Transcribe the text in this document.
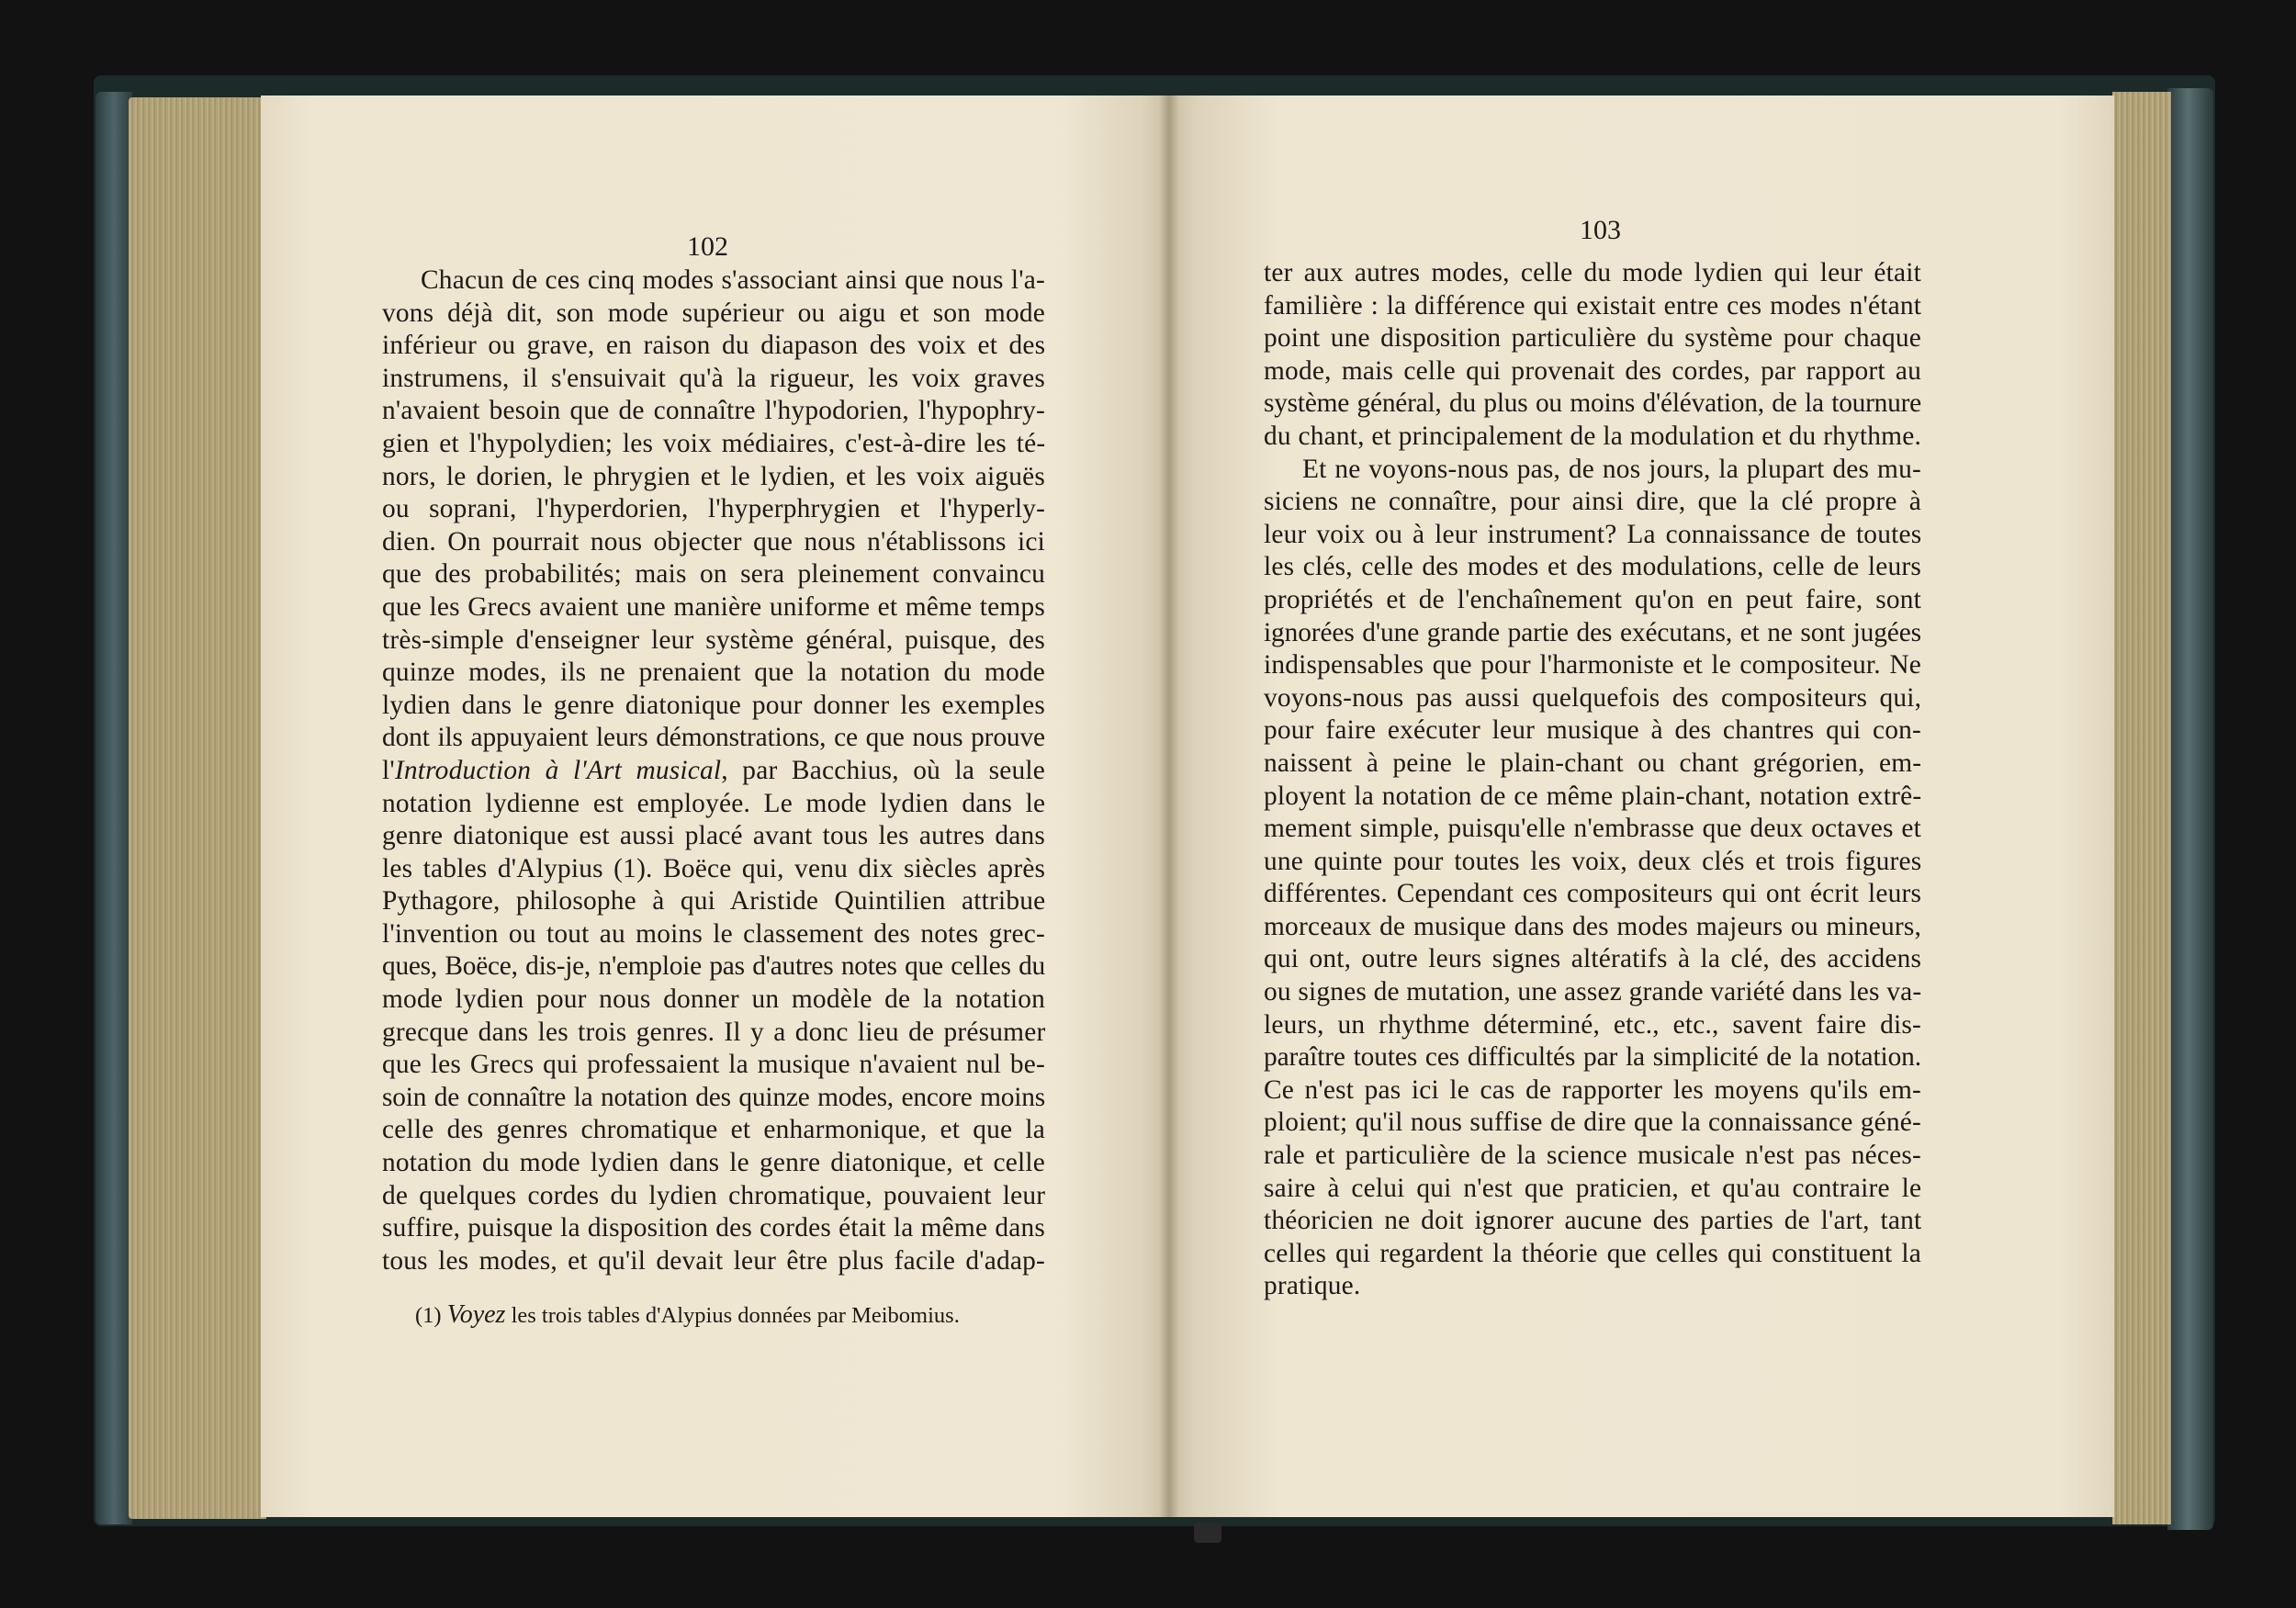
102
103
Chacun de ces cinq modes s'associant ainsi que nous l'a-
vons déjà dit, son mode supérieur ou aigu et son mode
inférieur ou grave, en raison du diapason des voix et des
instrumens, il s'ensuivait qu'à la rigueur, les voix graves
n'avaient besoin que de connaître l'hypodorien, l'hypophry-
gien et l'hypolydien; les voix médiaires, c'est-à-dire les té-
nors, le dorien, le phrygien et le lydien, et les voix aiguës
ou soprani, l'hyperdorien, l'hyperphrygien et l'hyperly-
dien. On pourrait nous objecter que nous n'établissons ici
que des probabilités; mais on sera pleinement convaincu
que les Grecs avaient une manière uniforme et même temps
très-simple d'enseigner leur système général, puisque, des
quinze modes, ils ne prenaient que la notation du mode
lydien dans le genre diatonique pour donner les exemples
dont ils appuyaient leurs démonstrations, ce que nous prouve
l'Introduction à l'Art musical, par Bacchius, où la seule
notation lydienne est employée. Le mode lydien dans le
genre diatonique est aussi placé avant tous les autres dans
les tables d'Alypius (1). Boëce qui, venu dix siècles après
Pythagore, philosophe à qui Aristide Quintilien attribue
l'invention ou tout au moins le classement des notes grec-
ques, Boëce, dis-je, n'emploie pas d'autres notes que celles du
mode lydien pour nous donner un modèle de la notation
grecque dans les trois genres. Il y a donc lieu de présumer
que les Grecs qui professaient la musique n'avaient nul be-
soin de connaître la notation des quinze modes, encore moins
celle des genres chromatique et enharmonique, et que la
notation du mode lydien dans le genre diatonique, et celle
de quelques cordes du lydien chromatique, pouvaient leur
suffire, puisque la disposition des cordes était la même dans
tous les modes, et qu'il devait leur être plus facile d'adap-
(1) Voyez les trois tables d'Alypius données par Meibomius.
ter aux autres modes, celle du mode lydien qui leur était
familière : la différence qui existait entre ces modes n'étant
point une disposition particulière du système pour chaque
mode, mais celle qui provenait des cordes, par rapport au
système général, du plus ou moins d'élévation, de la tournure
du chant, et principalement de la modulation et du rhythme.
Et ne voyons-nous pas, de nos jours, la plupart des mu-
siciens ne connaître, pour ainsi dire, que la clé propre à
leur voix ou à leur instrument? La connaissance de toutes
les clés, celle des modes et des modulations, celle de leurs
propriétés et de l'enchaînement qu'on en peut faire, sont
ignorées d'une grande partie des exécutans, et ne sont jugées
indispensables que pour l'harmoniste et le compositeur. Ne
voyons-nous pas aussi quelquefois des compositeurs qui,
pour faire exécuter leur musique à des chantres qui con-
naissent à peine le plain-chant ou chant grégorien, em-
ployent la notation de ce même plain-chant, notation extrê-
mement simple, puisqu'elle n'embrasse que deux octaves et
une quinte pour toutes les voix, deux clés et trois figures
différentes. Cependant ces compositeurs qui ont écrit leurs
morceaux de musique dans des modes majeurs ou mineurs,
qui ont, outre leurs signes altératifs à la clé, des accidens
ou signes de mutation, une assez grande variété dans les va-
leurs, un rhythme déterminé, etc., etc., savent faire dis-
paraître toutes ces difficultés par la simplicité de la notation.
Ce n'est pas ici le cas de rapporter les moyens qu'ils em-
ploient; qu'il nous suffise de dire que la connaissance géné-
rale et particulière de la science musicale n'est pas néces-
saire à celui qui n'est que praticien, et qu'au contraire le
théoricien ne doit ignorer aucune des parties de l'art, tant
celles qui regardent la théorie que celles qui constituent la
pratique.
